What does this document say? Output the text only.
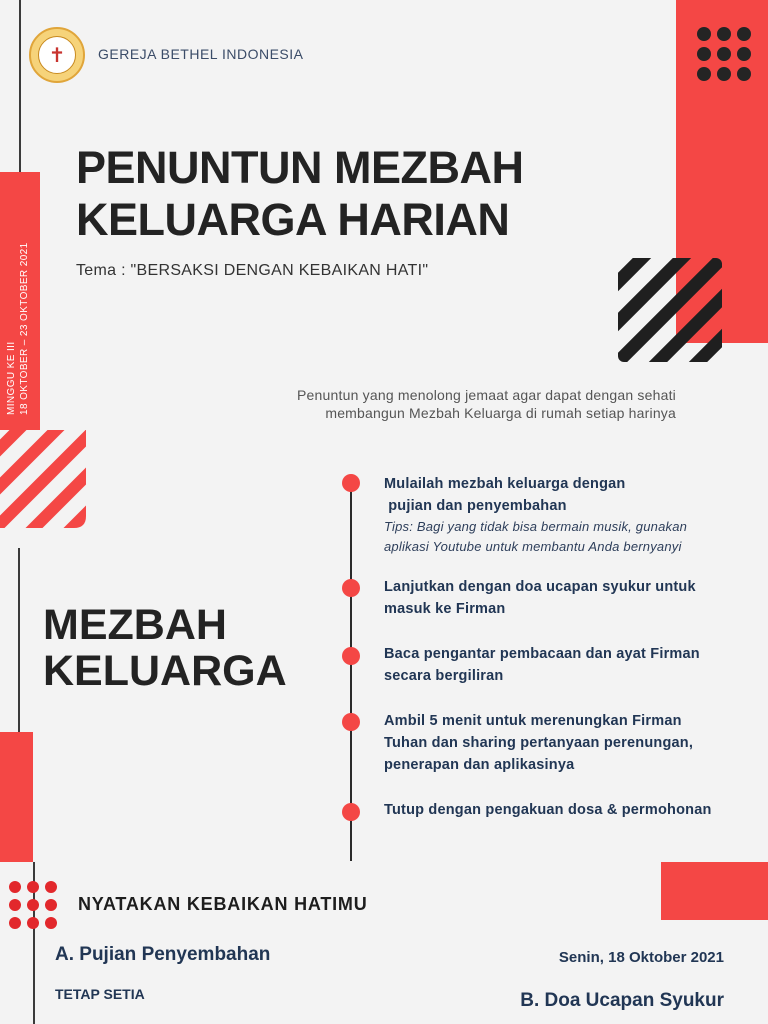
MINGGU KE III 18 OKTOBER – 23 OKTOBER 2021
✝	GEREJA BETHEL INDONESIA
PENUNTUN MEZBAH
KELUARGA HARIAN
Tema : "BERSAKSI DENGAN KEBAIKAN HATI"
Penuntun yang menolong jemaat agar dapat dengan sehati
membangun Mezbah Keluarga di rumah setiap harinya
MEZBAH
KELUARGA
Mulailah mezbah keluarga dengan
pujian dan penyembahan
Tips: Bagi yang tidak bisa bermain musik, gunakan
aplikasi Youtube untuk membantu Anda bernyanyi
Lanjutkan dengan doa ucapan syukur untuk
masuk ke Firman
Baca pengantar pembacaan dan ayat Firman
secara bergiliran
Ambil 5 menit untuk merenungkan Firman
Tuhan dan sharing pertanyaan perenungan,
penerapan dan aplikasinya
Tutup dengan pengakuan dosa & permohonan
NYATAKAN KEBAIKAN HATIMU
A. Pujian Penyembahan
TETAP SETIA
Senin, 18 Oktober 2021
B. Doa Ucapan Syukur
